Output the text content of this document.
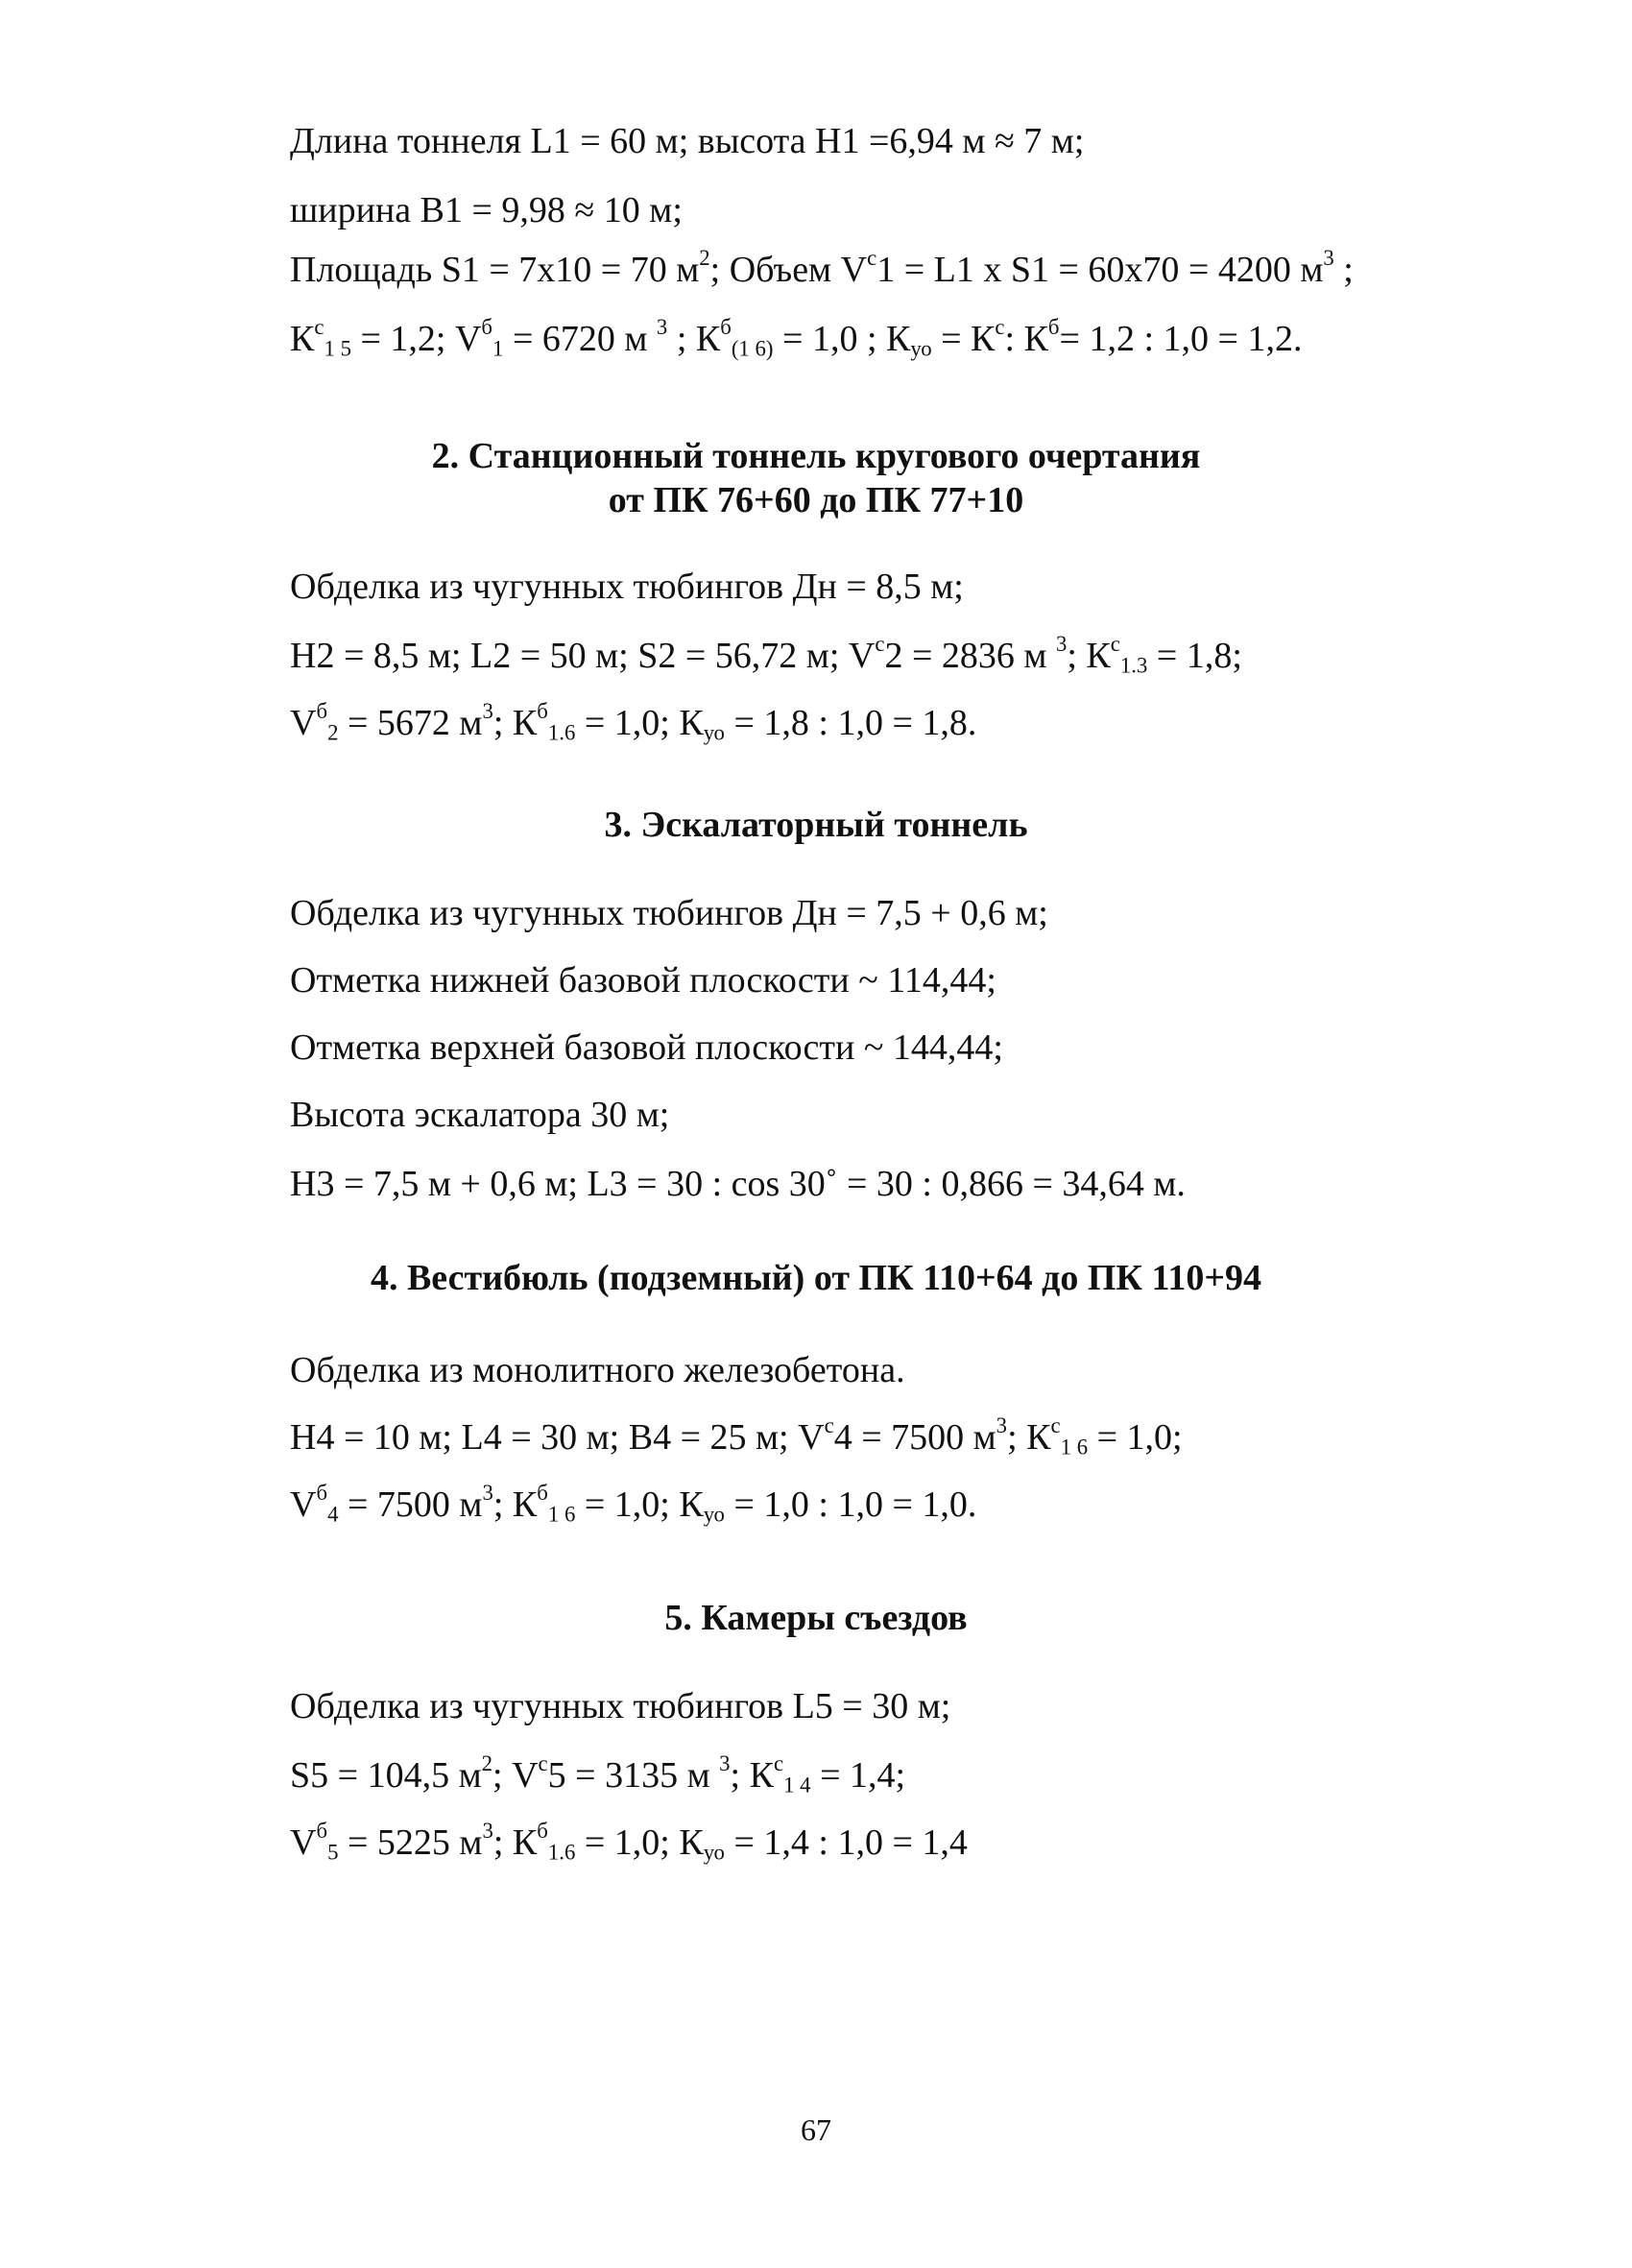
Длина тоннеля L1 = 60 м; высота Н1 =6,94 м ≈ 7 м;
ширина В1 = 9,98 ≈ 10 м;
Площадь S1 = 7x10 = 70 $м^2$; Объем $V^с1 = L1$ x S1 = 60x70 = 4200 $м^3$ ;
$К^с_{1 5} = 1,2$; $V^б_1 = 6720$ м $^3$ ; $К^б_{(1 6)} = 1,0$ ; $К_{уо} = К^с$: $К^б= 1,2$ : 1,0 = 1,2.
2. Станционный тоннель кругового очертания
от ПК 76+60 до ПК 77+10
Обделка из чугунных тюбингов Дн = 8,5 м;
Н2 = 8,5 м; L2 = 50 м; S2 = 56,72 м; $V^с2 = 2836$ м $^3$; $К^с_{1.3} = 1,8$;
$V^б_2 = 5672$ $м^3$; $К^б_{1.6} = 1,0$; $К_{уо} = 1,8$ : 1,0 = 1,8.
3. Эскалаторный тоннель
Обделка из чугунных тюбингов Дн = 7,5 + 0,6 м;
Отметка нижней базовой плоскости ~ 114,44;
Отметка верхней базовой плоскости ~ 144,44;
Высота эскалатора 30 м;
Н3 = 7,5 м + 0,6 м; L3 = 30 : cos 30˚ = 30 : 0,866 = 34,64 м.
4. Вестибюль (подземный) от ПК 110+64 до ПК 110+94
Обделка из монолитного железобетона.
Н4 = 10 м; L4 = 30 м; В4 = 25 м; $V^с4 = 7500$ $м^3$; $К^с_{1 6} = 1,0$;
$V^б_4 = 7500$ $м^3$; $К^б_{1 6} = 1,0$; $К_{уо} = 1,0$ : 1,0 = 1,0.
5. Камеры съездов
Обделка из чугунных тюбингов L5 = 30 м;
S5 = 104,5 $м^2$; $V^с5 = 3135$ м $^3$; $К^с_{1 4} = 1,4$;
$V^б_5 = 5225$ $м^3$; $К^б_{1.6} = 1,0$; $К_{уо} = 1,4$ : 1,0 = 1,4
67
